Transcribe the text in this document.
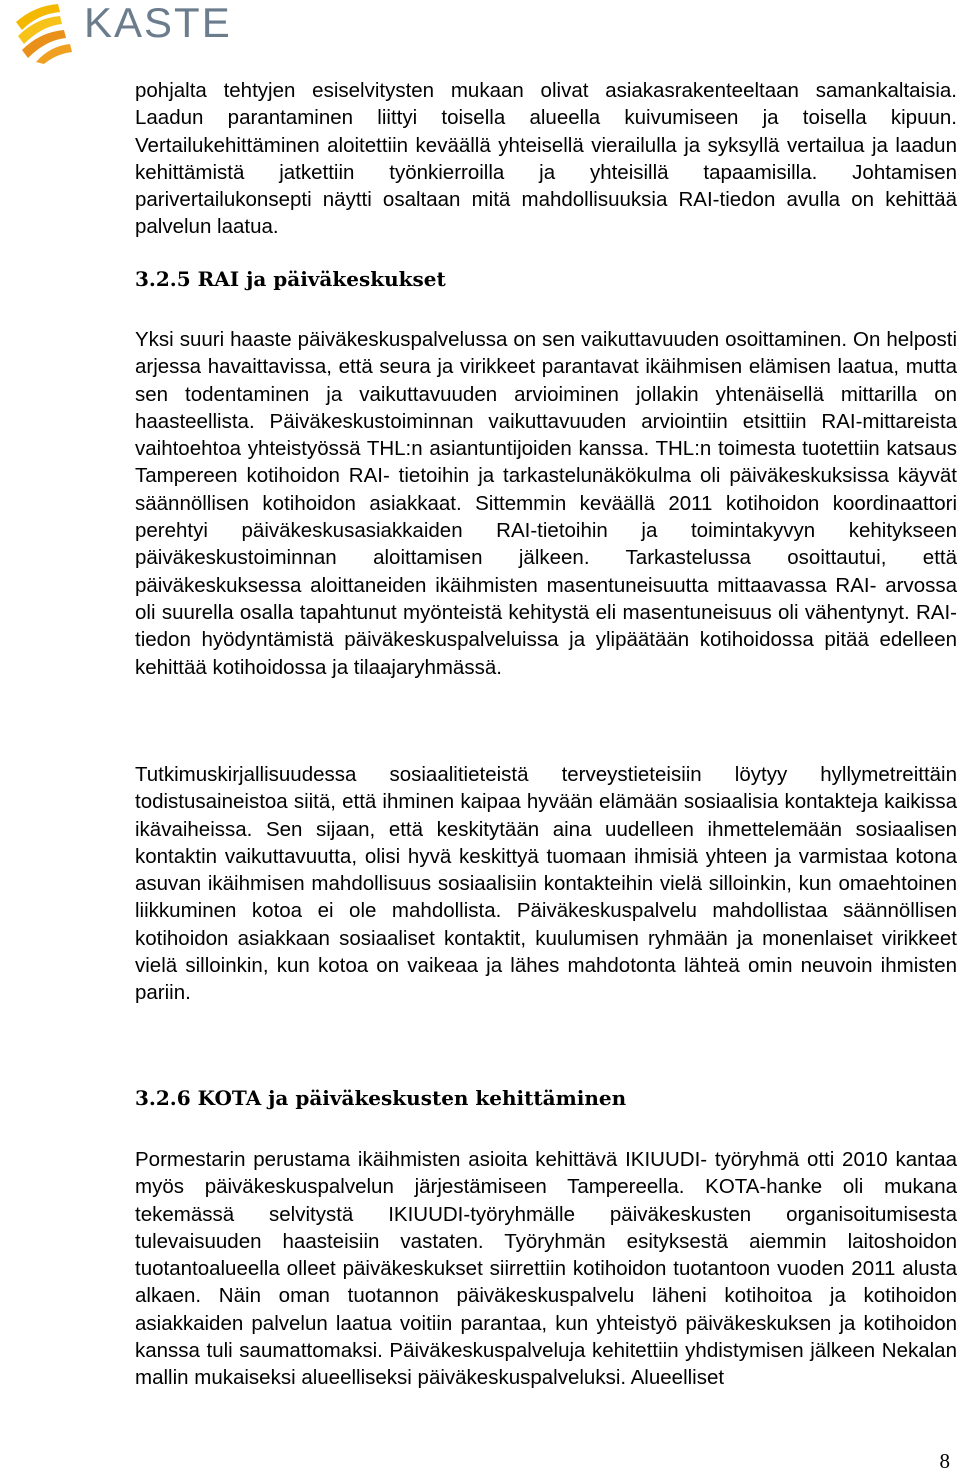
KASTE

pohjalta tehtyjen esiselvitysten mukaan olivat asiakasrakenteeltaan samankaltaisia. Laadun parantaminen liittyi toisella alueella kuivumiseen ja toisella kipuun. Vertailukehittäminen aloitettiin keväällä yhteisellä vierailulla ja syksyllä vertailua ja laadun kehittämistä jatkettiin työnkierroilla ja yhteisillä tapaamisilla. Johtamisen parivertailukonsepti näytti osaltaan mitä mahdollisuuksia RAI-tiedon avulla on kehittää palvelun laatua.

3.2.5 RAI ja päiväkeskukset

Yksi suuri haaste päiväkeskuspalvelussa on sen vaikuttavuuden osoittaminen. On helposti arjessa havaittavissa, että seura ja virikkeet parantavat ikäihmisen elämisen laatua, mutta sen todentaminen ja vaikuttavuuden arvioiminen jollakin yhtenäisellä mittarilla on haasteellista. Päiväkeskustoiminnan vaikuttavuuden arviointiin etsittiin RAI-mittareista vaihtoehtoa yhteistyössä THL:n asiantuntijoiden kanssa. THL:n toimesta tuotettiin katsaus Tampereen kotihoidon RAI- tietoihin ja tarkastelunäkökulma oli päiväkeskuksissa käyvät säännöllisen kotihoidon asiakkaat. Sittemmin keväällä 2011 kotihoidon koordinaattori perehtyi päiväkeskusasiakkaiden RAI-tietoihin ja toimintakyvyn kehitykseen päiväkeskustoiminnan aloittamisen jälkeen. Tarkastelussa osoittautui, että päiväkeskuksessa aloittaneiden ikäihmisten masentuneisuutta mittaavassa RAI- arvossa oli suurella osalla tapahtunut myönteistä kehitystä eli masentuneisuus oli vähentynyt. RAI-tiedon hyödyntämistä päiväkeskuspalveluissa ja ylipäätään kotihoidossa pitää edelleen kehittää kotihoidossa ja tilaajaryhmässä.

Tutkimuskirjallisuudessa sosiaalitieteistä terveystieteisiin löytyy hyllymetreittäin todistusaineistoa siitä, että ihminen kaipaa hyvään elämään sosiaalisia kontakteja kaikissa ikävaiheissa. Sen sijaan, että keskitytään aina uudelleen ihmettelemään sosiaalisen kontaktin vaikuttavuutta, olisi hyvä keskittyä tuomaan ihmisiä yhteen ja varmistaa kotona asuvan ikäihmisen mahdollisuus sosiaalisiin kontakteihin vielä silloinkin, kun omaehtoinen liikkuminen kotoa ei ole mahdollista. Päiväkeskuspalvelu mahdollistaa säännöllisen kotihoidon asiakkaan sosiaaliset kontaktit, kuulumisen ryhmään ja monenlaiset virikkeet vielä silloinkin, kun kotoa on vaikeaa ja lähes mahdotonta lähteä omin neuvoin ihmisten pariin.

3.2.6 KOTA ja päiväkeskusten kehittäminen

Pormestarin perustama ikäihmisten asioita kehittävä IKIUUDI- työryhmä otti 2010 kantaa myös päiväkeskuspalvelun järjestämiseen Tampereella. KOTA-hanke oli mukana tekemässä selvitystä IKIUUDI-työryhmälle päiväkeskusten organisoitumisesta tulevaisuuden haasteisiin vastaten. Työryhmän esityksestä aiemmin laitoshoidon tuotantoalueella olleet päiväkeskukset siirrettiin kotihoidon tuotantoon vuoden 2011 alusta alkaen. Näin oman tuotannon päiväkeskuspalvelu läheni kotihoitoa ja kotihoidon asiakkaiden palvelun laatua voitiin parantaa, kun yhteistyö päiväkeskuksen ja kotihoidon kanssa tuli saumattomaksi. Päiväkeskuspalveluja kehitettiin yhdistymisen jälkeen Nekalan mallin mukaiseksi alueelliseksi päiväkeskuspalveluksi. Alueelliset

8
